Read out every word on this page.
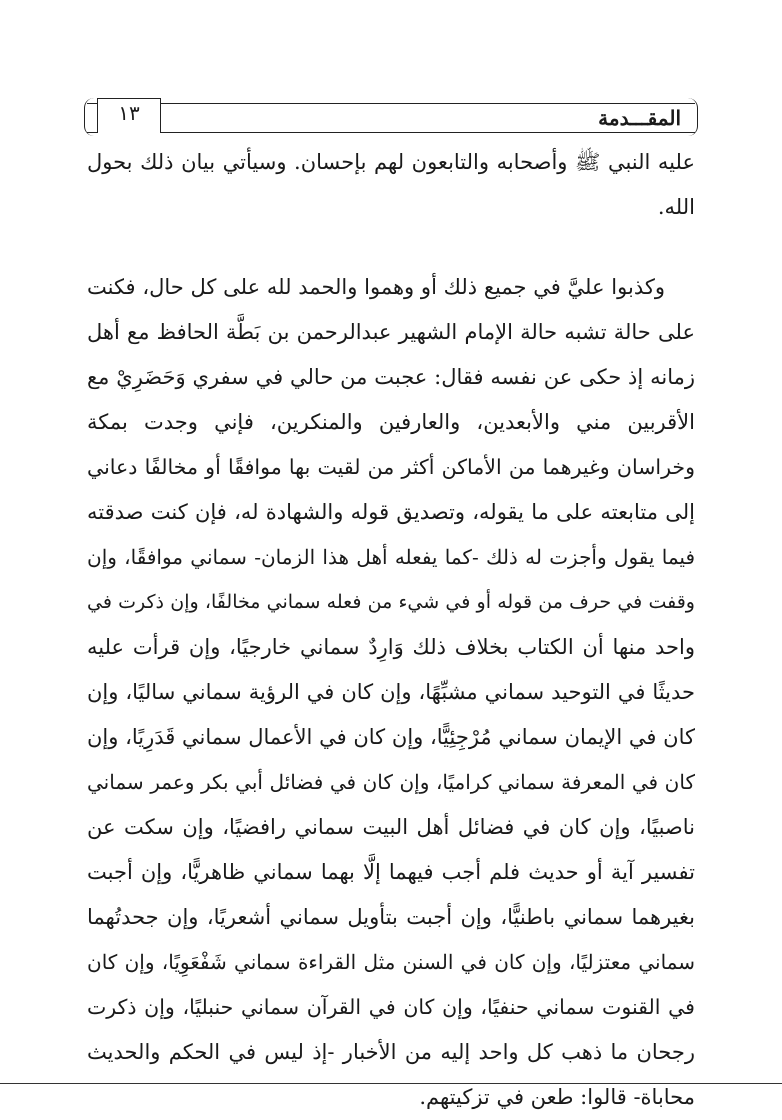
١٣	المقـــدمة
عليه النبي ﷺ وأصحابه والتابعون لهم بإحسان. وسيأتي بيان ذلك بحول
الله.
وكذبوا عليَّ في جميع ذلك أو وهموا والحمد لله على كل حال، فكنت
على حالة تشبه حالة الإمام الشهير عبدالرحمن بن بَطَّة الحافظ مع أهل
زمانه إذ حكى عن نفسه فقال: عجبت من حالي في سفري وَحَضَرِيْ مع
الأقربين مني والأبعدين، والعارفين والمنكرين، فإني وجدت بمكة
وخراسان وغيرهما من الأماكن أكثر من لقيت بها موافقًا أو مخالفًا دعاني
إلى متابعته على ما يقوله، وتصديق قوله والشهادة له، فإن كنت صدقته
فيما يقول وأجزت له ذلك -كما يفعله أهل هذا الزمان- سماني موافقًا، وإن
وقفت في حرف من قوله أو في شيء من فعله سماني مخالفًا، وإن ذكرت في
واحد منها أن الكتاب بخلاف ذلك وَارِدٌ سماني خارجيًا، وإن قرأت عليه
حديثًا في التوحيد سماني مشبِّهًا، وإن كان في الرؤية سماني ساليًا، وإن
كان في الإيمان سماني مُرْجِئِيًّا، وإن كان في الأعمال سماني قَدَرِيًا، وإن
كان في المعرفة سماني كراميًا، وإن كان في فضائل أبي بكر وعمر سماني
ناصبيًا، وإن كان في فضائل أهل البيت سماني رافضيًا، وإن سكت عن
تفسير آية أو حديث فلم أجب فيهما إلَّا بهما سماني ظاهريًّا، وإن أجبت
بغيرهما سماني باطنيًّا، وإن أجبت بتأويل سماني أشعريًا، وإن جحدتُهما
سماني معتزليًا، وإن كان في السنن مثل القراءة سماني شَفْعَوِيًا، وإن كان
في القنوت سماني حنفيًا، وإن كان في القرآن سماني حنبليًا، وإن ذكرت
رجحان ما ذهب كل واحد إليه من الأخبار -إذ ليس في الحكم والحديث
محاباة- قالوا: طعن في تزكيتهم.
